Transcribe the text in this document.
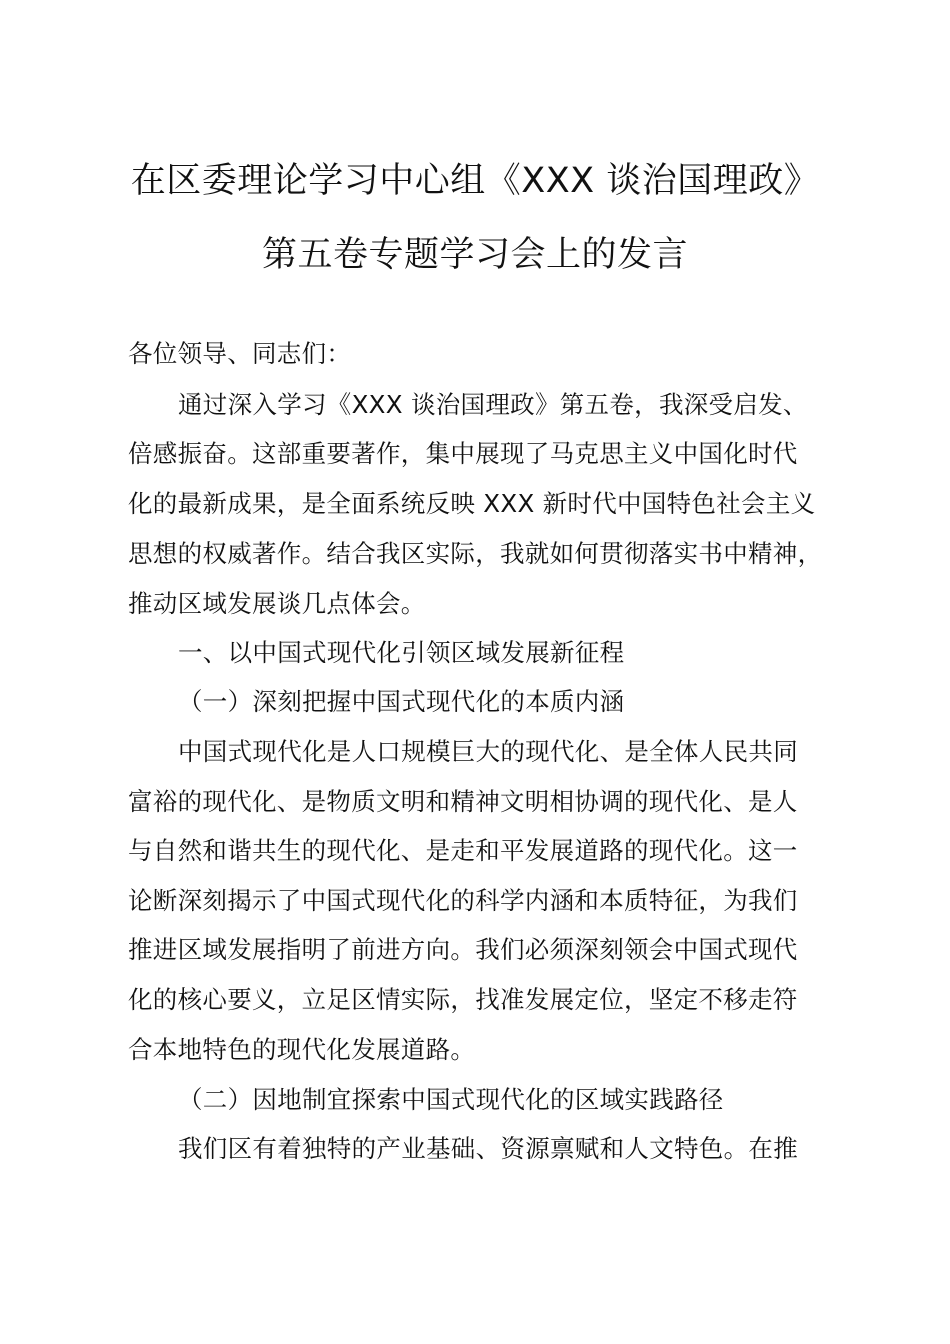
在区委理论学习中心组《XXX 谈治国理政》
第五卷专题学习会上的发言
各位领导、同志们：
通过深入学习《XXX 谈治国理政》第五卷，我深受启发、
倍感振奋。这部重要著作，集中展现了马克思主义中国化时代
化的最新成果，是全面系统反映 XXX 新时代中国特色社会主义
思想的权威著作。结合我区实际，我就如何贯彻落实书中精神，
推动区域发展谈几点体会。
一、以中国式现代化引领区域发展新征程
（一）深刻把握中国式现代化的本质内涵
中国式现代化是人口规模巨大的现代化、是全体人民共同
富裕的现代化、是物质文明和精神文明相协调的现代化、是人
与自然和谐共生的现代化、是走和平发展道路的现代化。这一
论断深刻揭示了中国式现代化的科学内涵和本质特征，为我们
推进区域发展指明了前进方向。我们必须深刻领会中国式现代
化的核心要义，立足区情实际，找准发展定位，坚定不移走符
合本地特色的现代化发展道路。
（二）因地制宜探索中国式现代化的区域实践路径
我们区有着独特的产业基础、资源禀赋和人文特色。在推
